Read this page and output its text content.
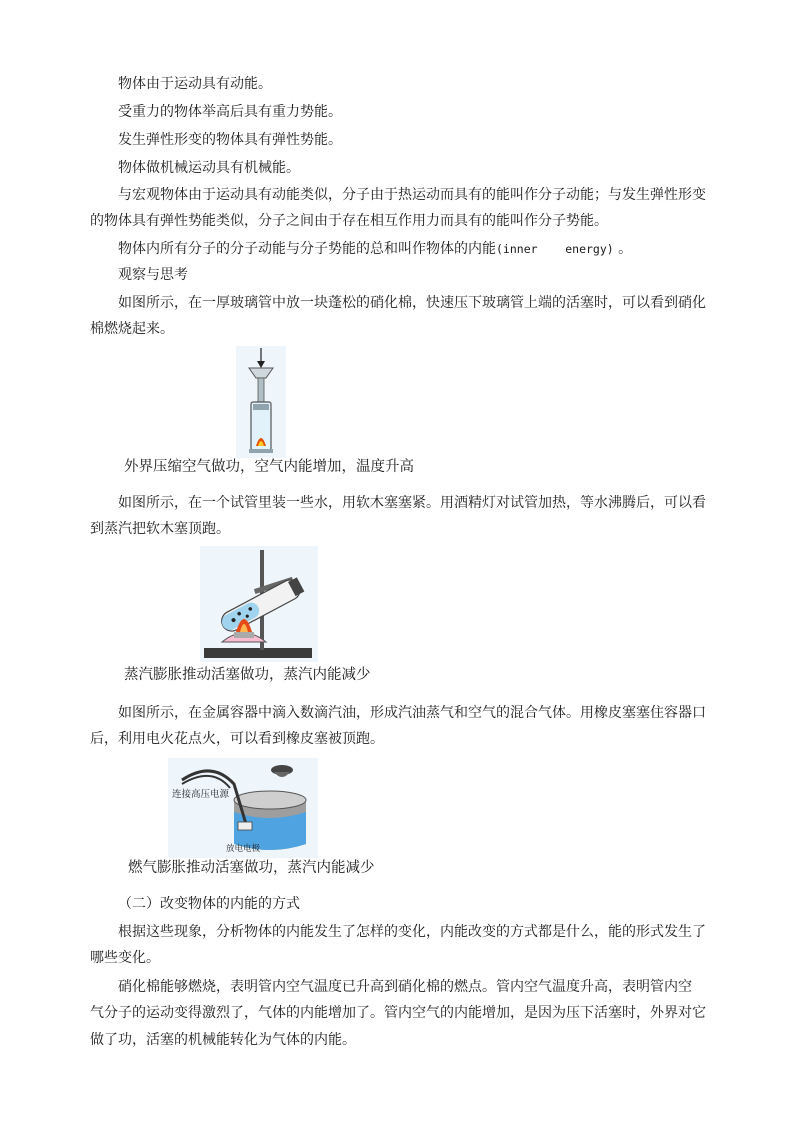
物体由于运动具有动能。
受重力的物体举高后具有重力势能。
发生弹性形变的物体具有弹性势能。
物体做机械运动具有机械能。
与宏观物体由于运动具有动能类似，分子由于热运动而具有的能叫作分子动能；与发生弹性形变
的物体具有弹性势能类似，分子之间由于存在相互作用力而具有的能叫作分子势能。
物体内所有分子的分子动能与分子势能的总和叫作物体的内能(inner    energy) 。
观察与思考
如图所示，在一厚玻璃管中放一块蓬松的硝化棉，快速压下玻璃管上端的活塞时，可以看到硝化
棉燃烧起来。
外界压缩空气做功，空气内能增加，温度升高
如图所示，在一个试管里装一些水，用软木塞塞紧。用酒精灯对试管加热，等水沸腾后，可以看
到蒸汽把软木塞顶跑。
蒸汽膨胀推动活塞做功，蒸汽内能减少
如图所示，在金属容器中滴入数滴汽油，形成汽油蒸气和空气的混合气体。用橡皮塞塞住容器口
后，利用电火花点火，可以看到橡皮塞被顶跑。
连接高压电源
放电电极
燃气膨胀推动活塞做功，蒸汽内能减少
（二）改变物体的内能的方式
根据这些现象，分析物体的内能发生了怎样的变化，内能改变的方式都是什么，能的形式发生了
哪些变化。
硝化棉能够燃烧，表明管内空气温度已升高到硝化棉的燃点。管内空气温度升高，表明管内空
气分子的运动变得激烈了，气体的内能增加了。管内空气的内能增加，是因为压下活塞时，外界对它
做了功，活塞的机械能转化为气体的内能。
